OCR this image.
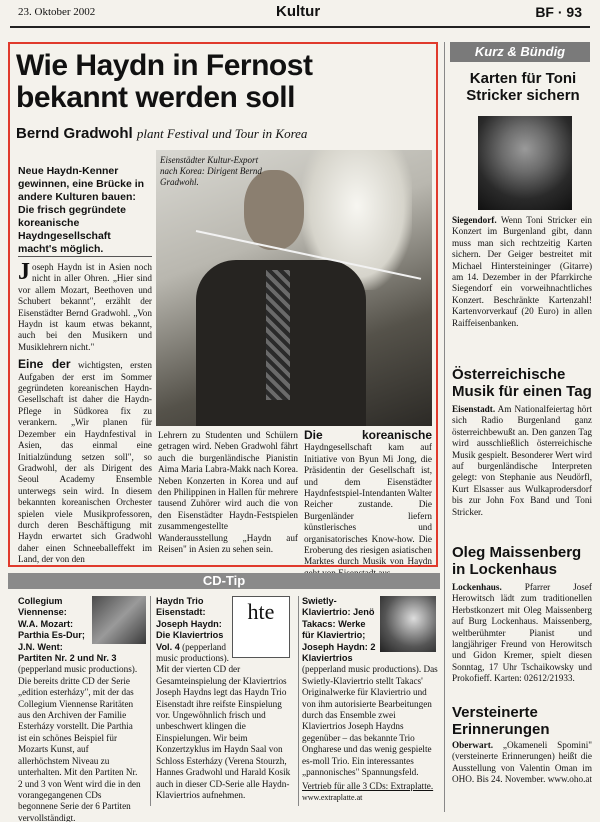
23. Oktober 2002	Kultur	BF · 93
Wie Haydn in Fernost bekannt werden soll
Bernd Gradwohl plant Festival und Tour in Korea
Eisenstädter Kultur-Export nach Korea: Dirigent Bernd Gradwohl.
Neue Haydn-Kenner gewinnen, eine Brücke in andere Kulturen bauen: Die frisch gegründete koreanische Haydngesellschaft macht's möglich.

Joseph Haydn ist in Asien noch nicht in aller Ohren. „Hier sind vor allem Mozart, Beethoven und Schubert bekannt", erzählt der Eisenstädter Bernd Gradwohl. „Von Haydn ist kaum etwas bekannt, auch bei den Musikern und Musiklehrern nicht."

Eine der wichtigsten, ersten Aufgaben der erst im Sommer gegründeten koreanischen Haydn-Gesellschaft ist daher die Haydn-Pflege in Südkorea fix zu verankern. „Wir planen für Dezember ein Haydnfestival in Asien, das einmal eine Initialzündung setzen soll", so Gradwohl, der als Dirigent des Seoul Academy Ensemble unterwegs sein wird. In diesem bekannten koreanischen Orchester spielen viele Musikprofessoren, durch deren Beschäftigung mit Haydn erwartet sich Gradwohl daher einen Schneeballeffekt im Land, der von den

Lehrern zu Studenten und Schülern getragen wird. Neben Gradwohl fährt auch die burgenländische Pianistin Aima Maria Labra-Makk nach Korea. Neben Konzerten in Korea und auf den Philippinen in Hallen für mehrere tausend Zuhörer wird auch die von den Eisenstädter Haydn-Festspielen zusammengestellte Wanderausstellung „Haydn auf Reisen" in Asien zu sehen sein.

Die koreanische Haydngesellschaft kam auf Initiative von Byun Mi Jong, die Präsidentin der Gesellschaft ist, und dem Eisenstädter Haydnfestspiel-Intendanten Walter Reicher zustande. Die Burgenländer liefern künstlerisches und organisatorisches Know-how. Die Eroberung des riesigen asiatischen Marktes durch Musik von Haydn

Kurz & Bündig
Karten für Toni Stricker sichern
Siegendorf. Wenn Toni Stricker ein Konzert im Burgenland gibt, dann muss man sich rechtzeitig Karten sichern. Der Geiger bestreitet mit Michael Hintersteininger (Gitarre) am 14. Dezember in der Pfarrkirche Siegendorf ein vorweihnachtliches Konzert. Beschränkte Kartenzahl! Kartenvorverkauf (20 Euro) in allen Raiffeisenbanken.
Österreichische Musik für einen Tag
Eisenstadt. Am Nationalfeiertag hört sich Radio Burgenland ganz österreichbewußt an. Den ganzen Tag wird ausschließlich österreichische Musik gespielt. Besonderer Wert wird auf burgenländische Interpreten gelegt: von Stephanie aus Neudörfl, Kurt Elsasser aus Wulkaprodersdorf bis zur John Fox Band und Toni Stricker.
Oleg Maissenberg in Lockenhaus
Lockenhaus. Pfarrer Josef Herowitsch lädt zum traditionellen Herbstkonzert mit Oleg Maissenberg auf Burg Lockenhaus. Maissenberg, weltberühmter Pianist und langjähriger Freund von Herowitsch und Gidon Kremer, spielt diesen Sonntag, 17 Uhr Tschaikowsky und Prokofieff. Karten: 02612/21933.
Versteinerte Erinnerungen
Oberwart. „Okameneli Spomini" (versteinerte Erinnerungen) heißt die Ausstellung von Valentin Oman im OHO. Bis 24. November. www.oho.at
CD-Tip
Collegium Viennense: W.A. Mozart: Parthia Es-Dur; J.N. Went: Partiten Nr. 2 und Nr. 3 (pepperland music productions). Die bereits dritte CD der Serie „edition esterházy", mit der das Collegium Viennense Raritäten aus den Archiven der Familie Esterházy vorstellt. Die Parthia ist ein schönes Beispiel für Mozarts Kunst, auf allerhöchstem Niveau zu unterhalten. Mit den Partiten Nr. 2 und 3 von Went wird die in den vorangegangenen CDs begonnene Serie der 6 Partiten vervollständigt.
Haydn Trio Eisenstadt: Joseph Haydn: Die Klaviertrios Vol. 4 (pepperland music productions). Mit der vierten CD der Gesamteinspielung der Klaviertrios Joseph Haydns legt das Haydn Trio Eisenstadt ihre reifste Einspielung vor. Ungewöhnlich frisch und unbeschwert klingen die Einspielungen. Wir beim Konzertzyklus im Haydn Saal von Schloss Esterházy (Verena Stourzh, Hannes Gradwohl und Harald Kosik auch in dieser CD-Serie alle Haydn-Klaviertrios aufnehmen.
hte	Swietly-Klaviertrio: Jenö Takacs: Werke für Klaviertrio; Joseph Haydn: 2 Klaviertrios (pepperland music productions). Das Swietly-Klaviertrio stellt Takacs' Originalwerke für Klaviertrio und von ihm autorisierte Bearbeitungen durch das Ensemble zwei Klaviertrios Joseph Haydns gegenüber – das bekannte Trio Ongharese und das wenig gespielte es-moll Trio. Ein interessantes „pannonisches" Spannungsfeld.
Vertrieb für alle 3 CDs: Extraplatte. www.extraplatte.at
